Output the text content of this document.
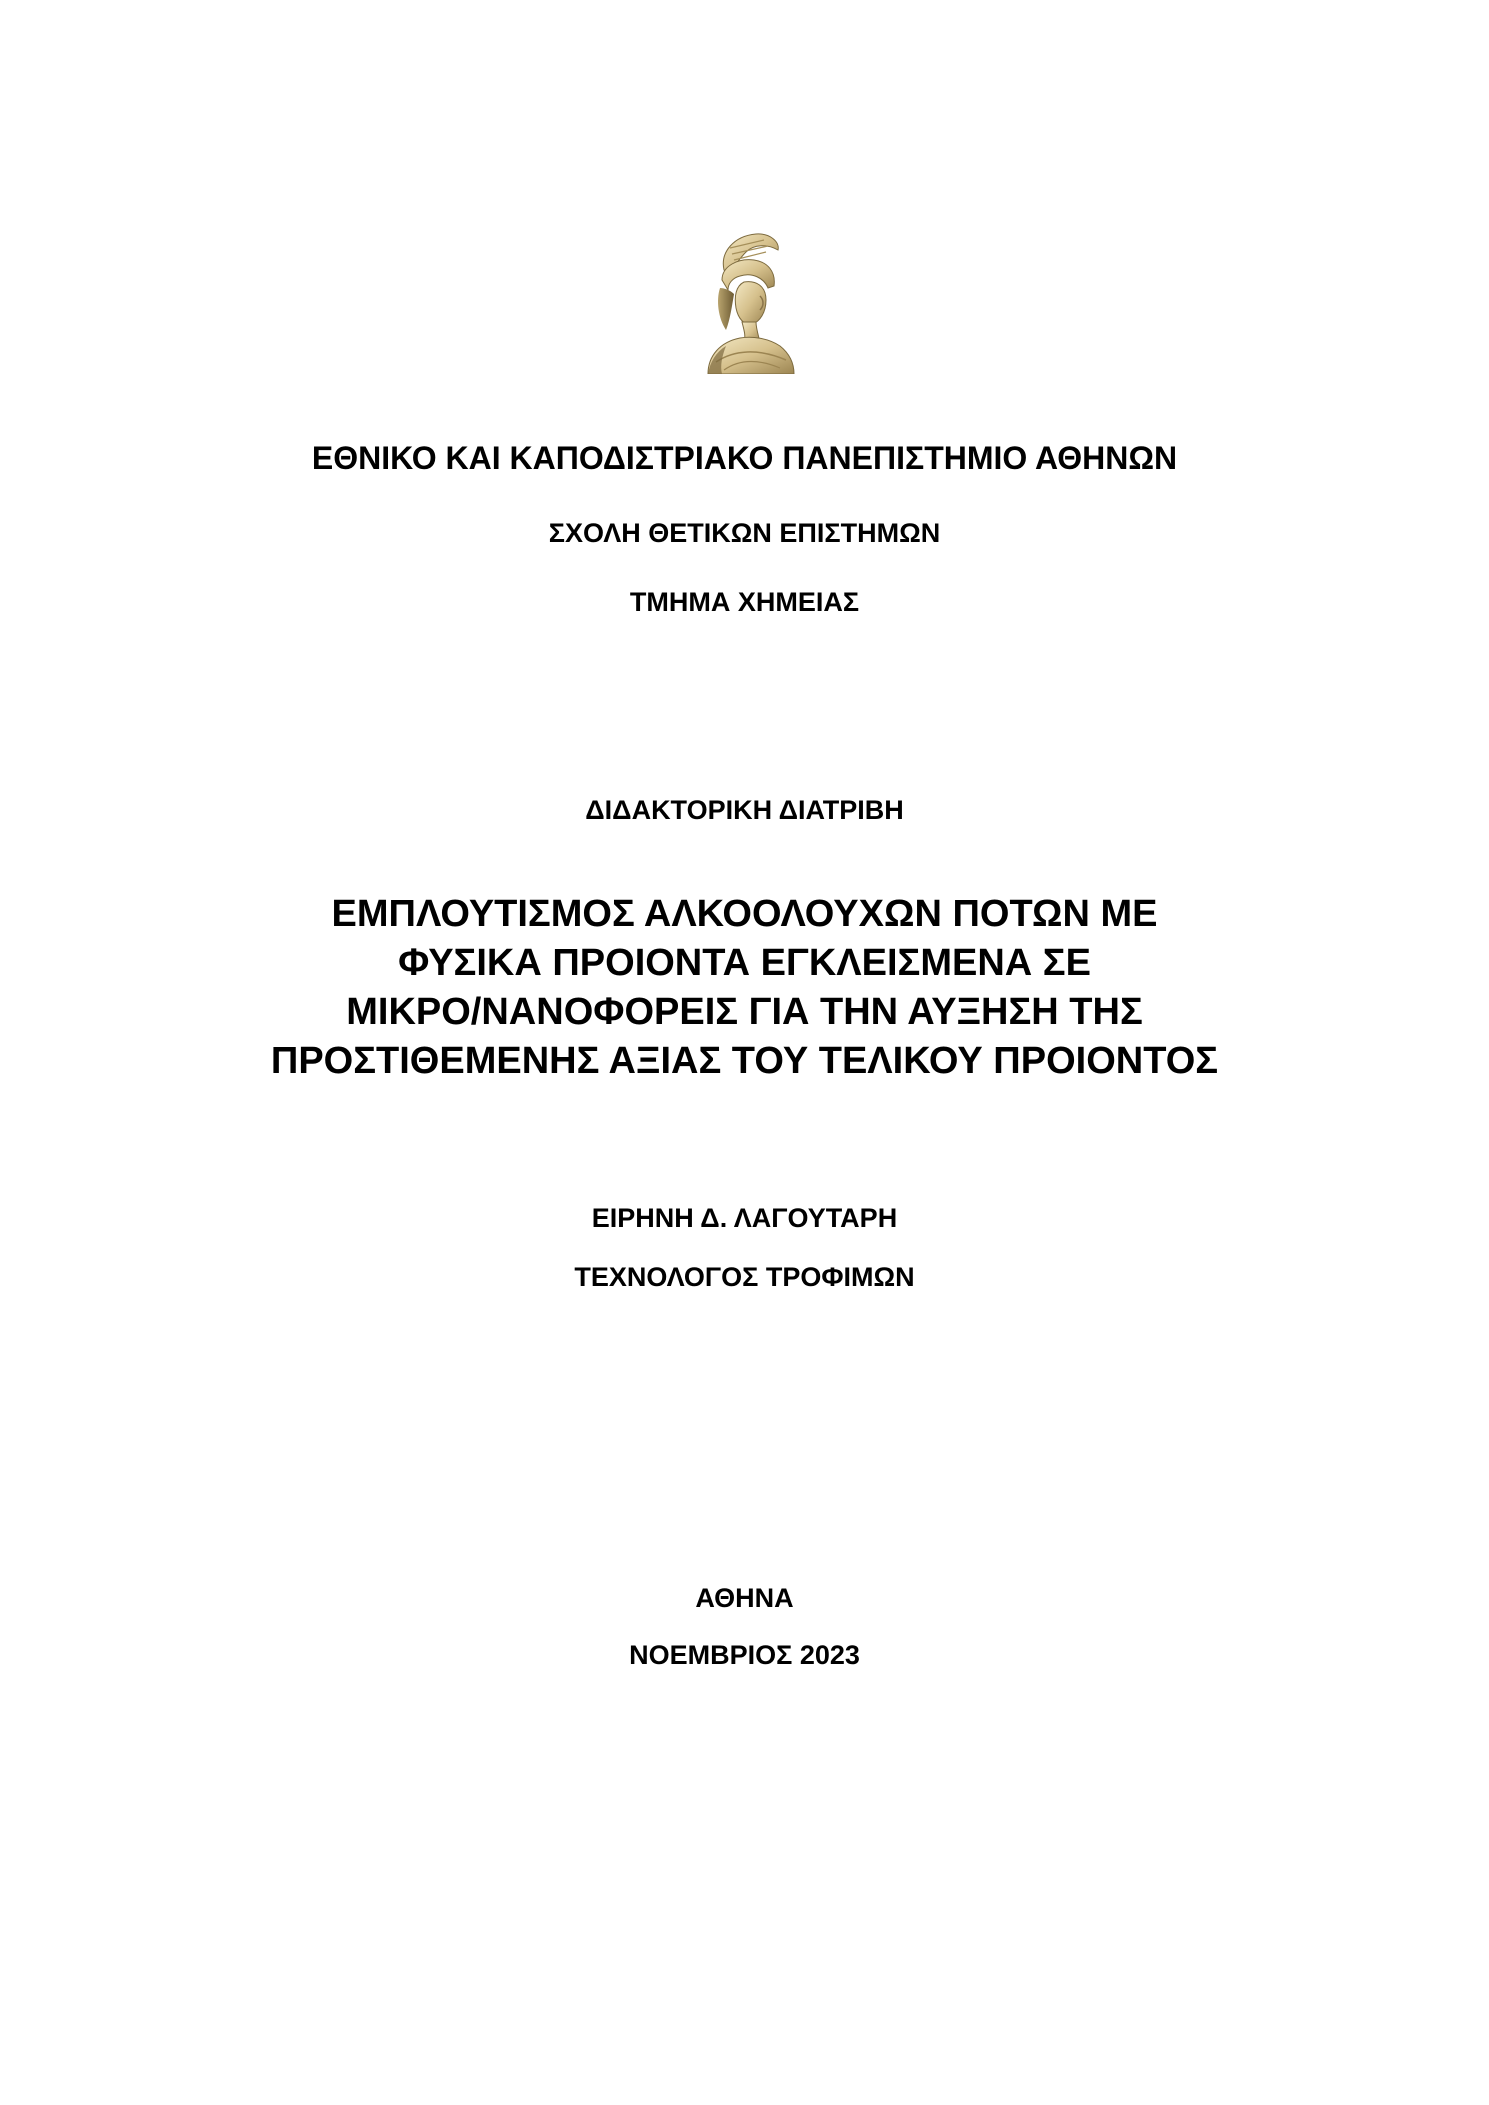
ΕΘΝΙΚΟ ΚΑΙ ΚΑΠΟΔΙΣΤΡΙΑΚΟ ΠΑΝΕΠΙΣΤΗΜΙΟ ΑΘΗΝΩΝ
ΣΧΟΛΗ ΘΕΤΙΚΩΝ ΕΠΙΣΤΗΜΩΝ
ΤΜΗΜΑ ΧΗΜΕΙΑΣ
ΔΙΔΑΚΤΟΡΙΚΗ ΔΙΑΤΡΙΒΗ
ΕΜΠΛΟΥΤΙΣΜΟΣ ΑΛΚΟΟΛΟΥΧΩΝ ΠΟΤΩΝ ΜΕ
ΦΥΣΙΚΑ ΠΡΟΙΟΝΤΑ ΕΓΚΛΕΙΣΜΕΝΑ ΣΕ
ΜΙΚΡΟ/ΝΑΝΟΦΟΡΕΙΣ ΓΙΑ ΤΗΝ ΑΥΞΗΣΗ ΤΗΣ
ΠΡΟΣΤΙΘΕΜΕΝΗΣ ΑΞΙΑΣ ΤΟΥ ΤΕΛΙΚΟΥ ΠΡΟΙΟΝΤΟΣ
ΕΙΡΗΝΗ Δ. ΛΑΓΟΥΤΑΡΗ
ΤΕΧΝΟΛΟΓΟΣ ΤΡΟΦΙΜΩΝ
ΑΘΗΝΑ
ΝΟΕΜΒΡΙΟΣ 2023
